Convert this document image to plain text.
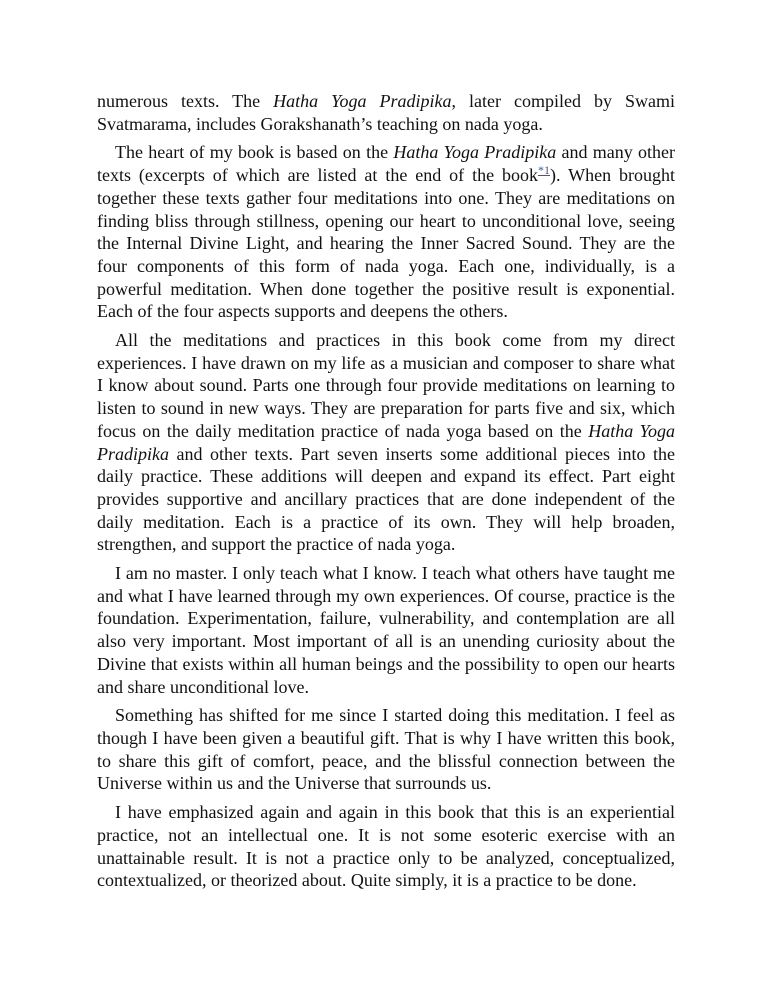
numerous texts. The Hatha Yoga Pradipika, later compiled by Swami Svatmarama, includes Gorakshanath’s teaching on nada yoga.

The heart of my book is based on the Hatha Yoga Pradipika and many other texts (excerpts of which are listed at the end of the book$^{*1}$). When brought together these texts gather four meditations into one. They are meditations on finding bliss through stillness, opening our heart to unconditional love, seeing the Internal Divine Light, and hearing the Inner Sacred Sound. They are the four components of this form of nada yoga. Each one, individually, is a powerful meditation. When done together the positive result is exponential. Each of the four aspects supports and deepens the others.

All the meditations and practices in this book come from my direct experiences. I have drawn on my life as a musician and composer to share what I know about sound. Parts one through four provide meditations on learning to listen to sound in new ways. They are preparation for parts five and six, which focus on the daily meditation practice of nada yoga based on the Hatha Yoga Pradipika and other texts. Part seven inserts some additional pieces into the daily practice. These additions will deepen and expand its effect. Part eight provides supportive and ancillary practices that are done independent of the daily meditation. Each is a practice of its own. They will help broaden, strengthen, and support the practice of nada yoga.

I am no master. I only teach what I know. I teach what others have taught me and what I have learned through my own experiences. Of course, practice is the foundation. Experimentation, failure, vulnerability, and contemplation are all also very important. Most important of all is an unending curiosity about the Divine that exists within all human beings and the possibility to open our hearts and share unconditional love.

Something has shifted for me since I started doing this meditation. I feel as though I have been given a beautiful gift. That is why I have written this book, to share this gift of comfort, peace, and the blissful connection between the Universe within us and the Universe that surrounds us.

I have emphasized again and again in this book that this is an experiential practice, not an intellectual one. It is not some esoteric exercise with an unattainable result. It is not a practice only to be analyzed, conceptualized, contextualized, or theorized about. Quite simply, it is a practice to be done.
